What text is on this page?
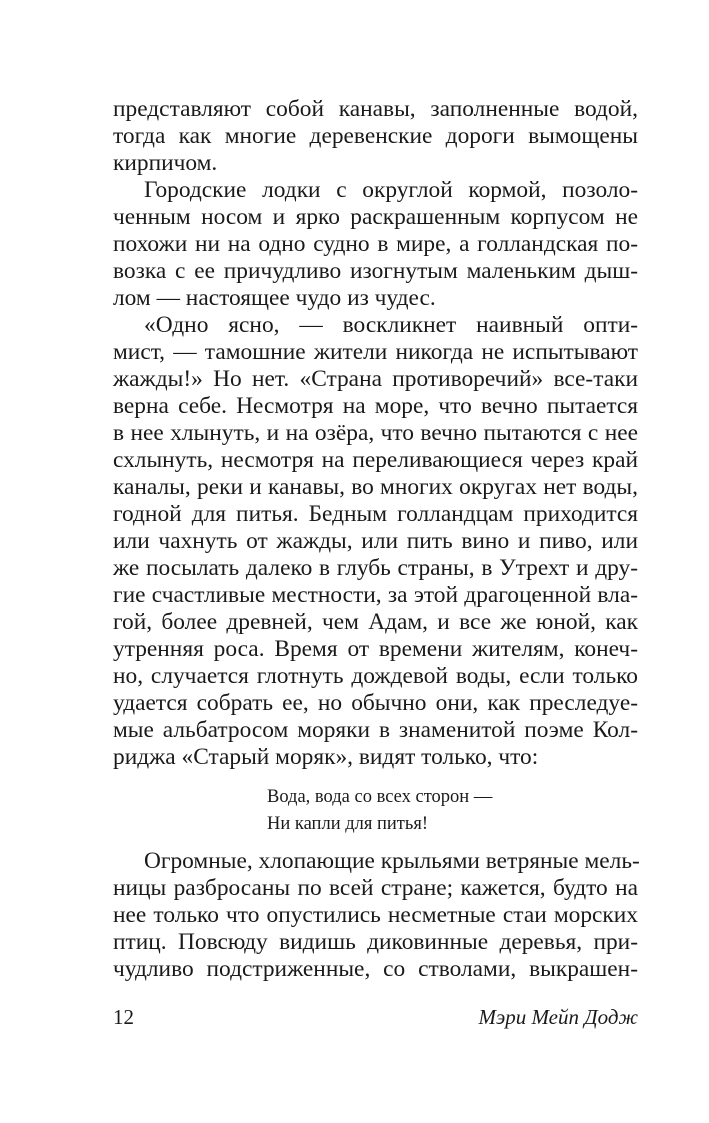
представляют собой канавы, заполненные водой,
тогда как многие деревенские дороги вымощены
кирпичом.
Городские лодки с округлой кормой, позоло-
ченным носом и ярко раскрашенным корпусом не
похожи ни на одно судно в мире, а голландская по-
возка с ее причудливо изогнутым маленьким дыш-
лом — настоящее чудо из чудес.
«Одно ясно, — воскликнет наивный опти-
мист, — тамошние жители никогда не испытывают
жажды!» Но нет. «Страна противоречий» все-таки
верна себе. Несмотря на море, что вечно пытается
в нее хлынуть, и на озёра, что вечно пытаются с нее
схлынуть, несмотря на переливающиеся через край
каналы, реки и канавы, во многих округах нет воды,
годной для питья. Бедным голландцам приходится
или чахнуть от жажды, или пить вино и пиво, или
же посылать далеко в глубь страны, в Утрехт и дру-
гие счастливые местности, за этой драгоценной вла-
гой, более древней, чем Адам, и все же юной, как
утренняя роса. Время от времени жителям, конеч-
но, случается глотнуть дождевой воды, если только
удается собрать ее, но обычно они, как преследуе-
мые альбатросом моряки в знаменитой поэме Кол-
риджа «Старый моряк», видят только, что:
Вода, вода со всех сторон —
Ни капли для питья!
Огромные, хлопающие крыльями ветряные мель-
ницы разбросаны по всей стране; кажется, будто на
нее только что опустились несметные стаи морских
птиц. Повсюду видишь диковинные деревья, при-
чудливо подстриженные, со стволами, выкрашен-
12	Мэри Мейп Додж
